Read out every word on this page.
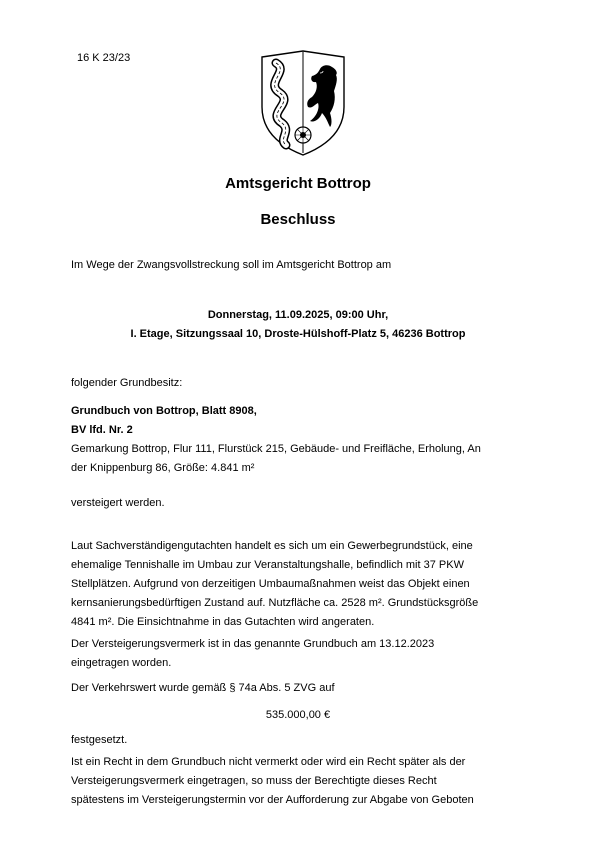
16 K 23/23
Amtsgericht Bottrop
Beschluss
Im Wege der Zwangsvollstreckung soll im Amtsgericht Bottrop am
Donnerstag, 11.09.2025, 09:00 Uhr,
I. Etage, Sitzungssaal 10, Droste-Hülshoff-Platz 5, 46236 Bottrop
folgender Grundbesitz:
Grundbuch von Bottrop, Blatt 8908,
BV lfd. Nr. 2
Gemarkung Bottrop, Flur 111, Flurstück 215, Gebäude- und Freifläche, Erholung, An
der Knippenburg 86, Größe: 4.841 m²
versteigert werden.
Laut Sachverständigengutachten handelt es sich um ein Gewerbegrundstück, eine
ehemalige Tennishalle im Umbau zur Veranstaltungshalle, befindlich mit 37 PKW
Stellplätzen. Aufgrund von derzeitigen Umbaumaßnahmen weist das Objekt einen
kernsanierungsbedürftigen Zustand auf. Nutzfläche ca. 2528 m². Grundstücksgröße
4841 m². Die Einsichtnahme in das Gutachten wird angeraten.
Der Versteigerungsvermerk ist in das genannte Grundbuch am 13.12.2023
eingetragen worden.
Der Verkehrswert wurde gemäß § 74a Abs. 5 ZVG auf
535.000,00 €
festgesetzt.
Ist ein Recht in dem Grundbuch nicht vermerkt oder wird ein Recht später als der
Versteigerungsvermerk eingetragen, so muss der Berechtigte dieses Recht
spätestens im Versteigerungstermin vor der Aufforderung zur Abgabe von Geboten
